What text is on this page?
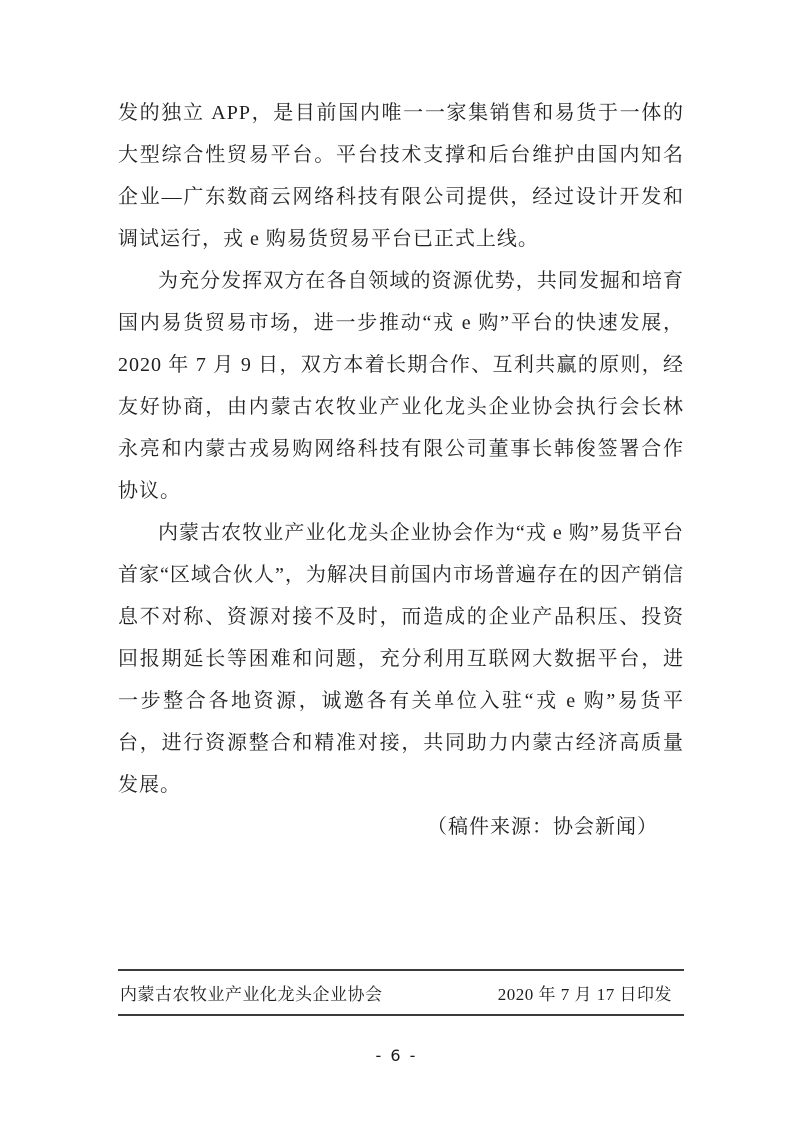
发的独立 APP，是目前国内唯一一家集销售和易货于一体的大型综合性贸易平台。平台技术支撑和后台维护由国内知名企业—广东数商云网络科技有限公司提供，经过设计开发和调试运行，戎 e 购易货贸易平台已正式上线。

为充分发挥双方在各自领域的资源优势，共同发掘和培育国内易货贸易市场，进一步推动“戎 e 购”平台的快速发展，2020 年 7 月 9 日，双方本着长期合作、互利共赢的原则，经友好协商，由内蒙古农牧业产业化龙头企业协会执行会长林永亮和内蒙古戎易购网络科技有限公司董事长韩俊签署合作协议。

内蒙古农牧业产业化龙头企业协会作为“戎 e 购”易货平台首家“区域合伙人”，为解决目前国内市场普遍存在的因产销信息不对称、资源对接不及时，而造成的企业产品积压、投资回报期延长等困难和问题，充分利用互联网大数据平台，进一步整合各地资源，诚邀各有关单位入驻“戎 e 购”易货平台，进行资源整合和精准对接，共同助力内蒙古经济高质量发展。

（稿件来源：协会新闻）

内蒙古农牧业产业化龙头企业协会	2020 年 7 月 17 日印发
- 6 -
